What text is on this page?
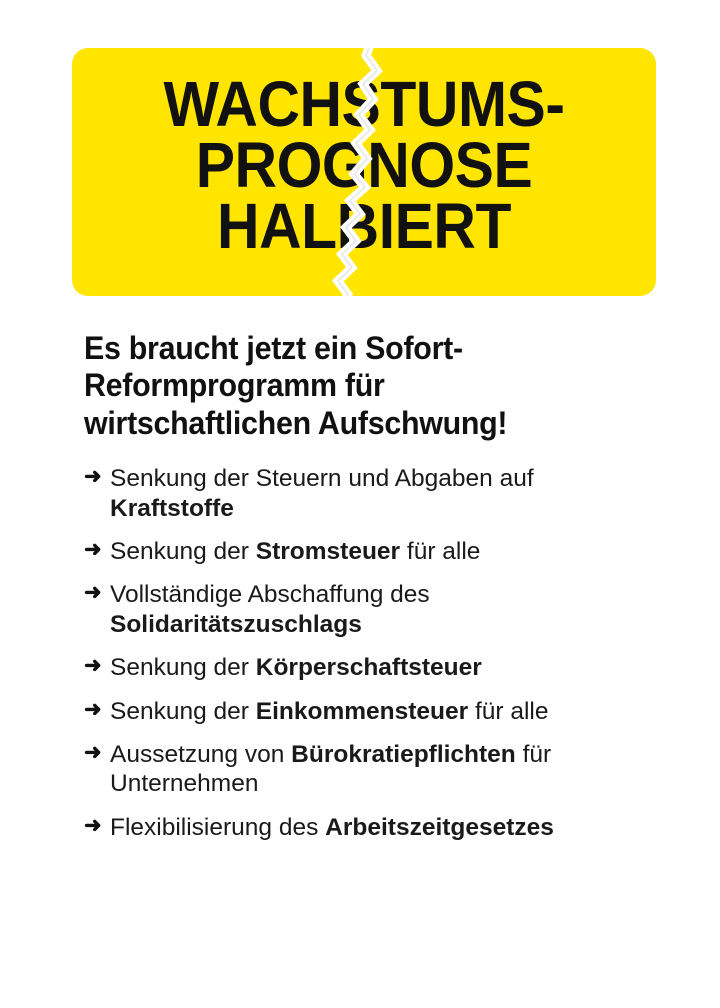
WACHSTUMS-
PROGNOSE
HALBIERT
Es braucht jetzt ein Sofort-
Reformprogramm für
wirtschaftlichen Aufschwung!
➜ Senkung der Steuern und Abgaben auf Kraftstoffe
➜ Senkung der Stromsteuer für alle
➜ Vollständige Abschaffung des Solidaritätszuschlags
➜ Senkung der Körperschaftsteuer
➜ Senkung der Einkommensteuer für alle
➜ Aussetzung von Bürokratiepflichten für Unternehmen
➜ Flexibilisierung des Arbeitszeitgesetzes
